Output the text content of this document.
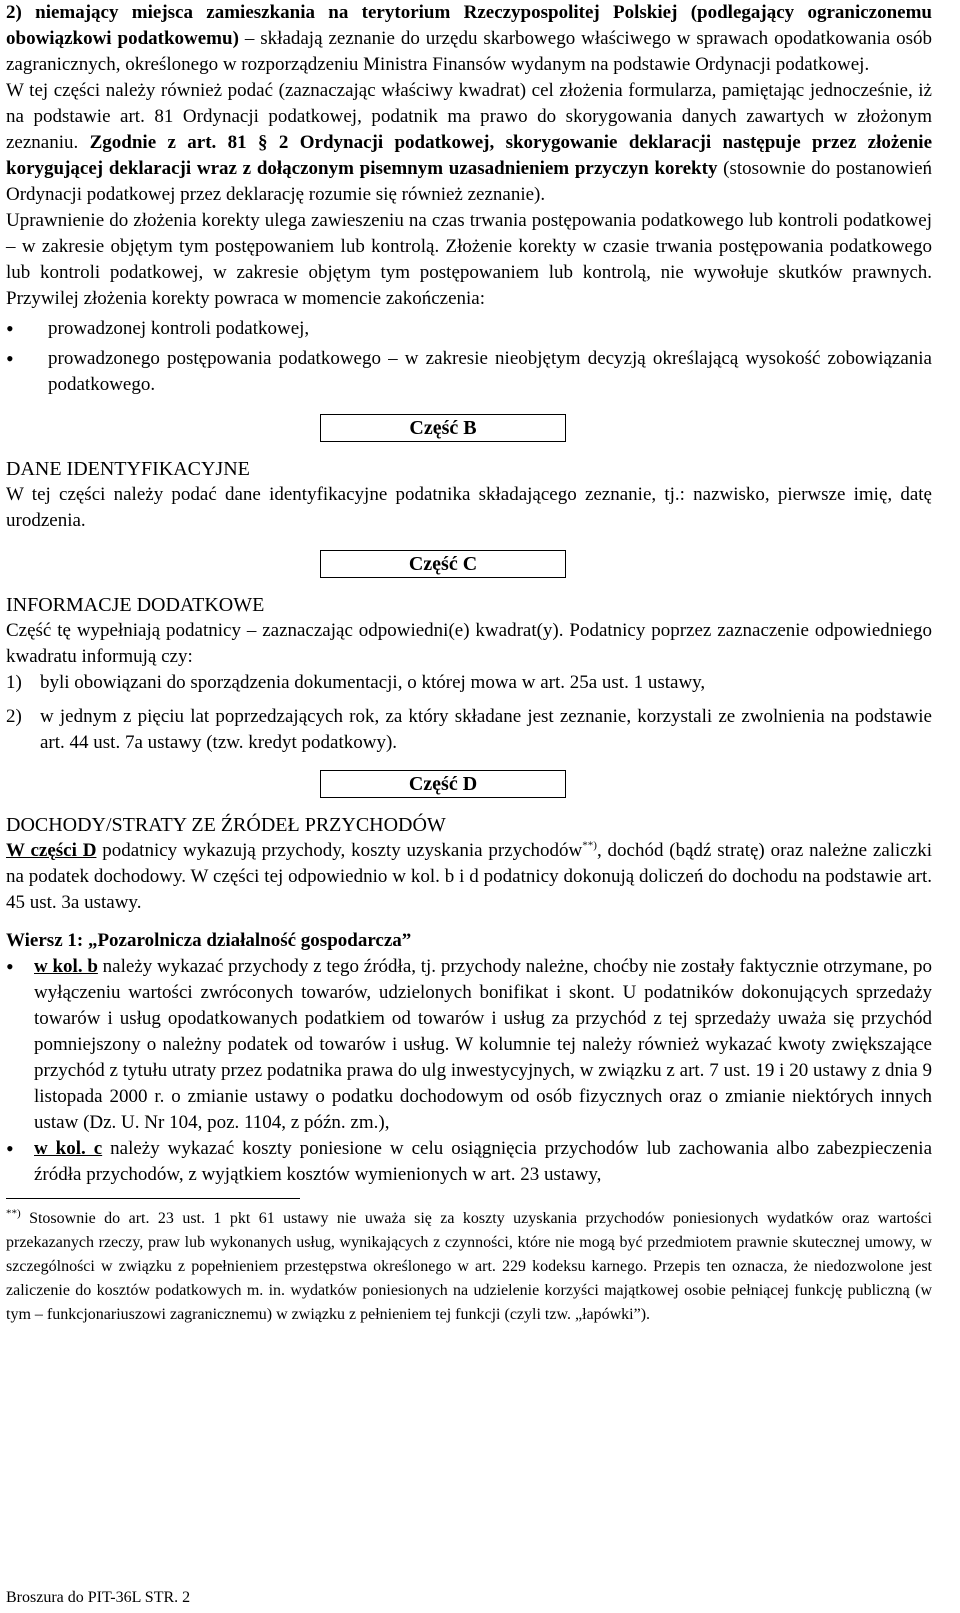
2) niemający miejsca zamieszkania na terytorium Rzeczypospolitej Polskiej (podlegający ograniczonemu obowiązkowi podatkowemu) – składają zeznanie do urzędu skarbowego właściwego w sprawach opodatkowania osób zagranicznych, określonego w rozporządzeniu Ministra Finansów wydanym na podstawie Ordynacji podatkowej.

W tej części należy również podać (zaznaczając właściwy kwadrat) cel złożenia formularza, pamiętając jednocześnie, iż na podstawie art. 81 Ordynacji podatkowej, podatnik ma prawo do skorygowania danych zawartych w złożonym zeznaniu. Zgodnie z art. 81 § 2 Ordynacji podatkowej, skorygowanie deklaracji następuje przez złożenie korygującej deklaracji wraz z dołączonym pisemnym uzasadnieniem przyczyn korekty (stosownie do postanowień Ordynacji podatkowej przez deklarację rozumie się również zeznanie).

Uprawnienie do złożenia korekty ulega zawieszeniu na czas trwania postępowania podatkowego lub kontroli podatkowej – w zakresie objętym tym postępowaniem lub kontrolą. Złożenie korekty w czasie trwania postępowania podatkowego lub kontroli podatkowej, w zakresie objętym tym postępowaniem lub kontrolą, nie wywołuje skutków prawnych. Przywilej złożenia korekty powraca w momencie zakończenia:

• prowadzonej kontroli podatkowej,
• prowadzonego postępowania podatkowego – w zakresie nieobjętym decyzją określającą wysokość zobowiązania podatkowego.
Część B

DANE IDENTYFIKACYJNE

W tej części należy podać dane identyfikacyjne podatnika składającego zeznanie, tj.: nazwisko, pierwsze imię, datę urodzenia.

Część C

INFORMACJE DODATKOWE

Część tę wypełniają podatnicy – zaznaczając odpowiedni(e) kwadrat(y). Podatnicy poprzez zaznaczenie odpowiedniego kwadratu informują czy:

1) byli obowiązani do sporządzenia dokumentacji, o której mowa w art. 25a ust. 1 ustawy,
2) w jednym z pięciu lat poprzedzających rok, za który składane jest zeznanie, korzystali ze zwolnienia na podstawie art. 44 ust. 7a ustawy (tzw. kredyt podatkowy).
Część D

DOCHODY/STRATY ZE ŹRÓDEŁ PRZYCHODÓW

W części D podatnicy wykazują przychody, koszty uzyskania przychodów**), dochód (bądź stratę) oraz należne zaliczki na podatek dochodowy. W części tej odpowiednio w kol. b i d podatnicy dokonują doliczeń do dochodu na podstawie art. 45 ust. 3a ustawy.

Wiersz 1: „Pozarolnicza działalność gospodarcza”

• w kol. b należy wykazać przychody z tego źródła, tj. przychody należne, choćby nie zostały faktycznie otrzymane, po wyłączeniu wartości zwróconych towarów, udzielonych bonifikat i skont. U podatników dokonujących sprzedaży towarów i usług opodatkowanych podatkiem od towarów i usług za przychód z tej sprzedaży uważa się przychód pomniejszony o należny podatek od towarów i usług. W kolumnie tej należy również wykazać kwoty zwiększające przychód z tytułu utraty przez podatnika prawa do ulg inwestycyjnych, w związku z art. 7 ust. 19 i 20 ustawy z dnia 9 listopada 2000 r. o zmianie ustawy o podatku dochodowym od osób fizycznych oraz o zmianie niektórych innych ustaw (Dz. U. Nr 104, poz. 1104, z późn. zm.),
• w kol. c należy wykazać koszty poniesione w celu osiągnięcia przychodów lub zachowania albo zabezpieczenia źródła przychodów, z wyjątkiem kosztów wymienionych w art. 23 ustawy,

**) Stosownie do art. 23 ust. 1 pkt 61 ustawy nie uważa się za koszty uzyskania przychodów poniesionych wydatków oraz wartości przekazanych rzeczy, praw lub wykonanych usług, wynikających z czynności, które nie mogą być przedmiotem prawnie skutecznej umowy, w szczególności w związku z popełnieniem przestępstwa określonego w art. 229 kodeksu karnego. Przepis ten oznacza, że niedozwolone jest zaliczenie do kosztów podatkowych m. in. wydatków poniesionych na udzielenie korzyści majątkowej osobie pełniącej funkcję publiczną (w tym – funkcjonariuszowi zagranicznemu) w związku z pełnieniem tej funkcji (czyli tzw. „łapówki”).

Broszura do PIT-36L STR. 2
